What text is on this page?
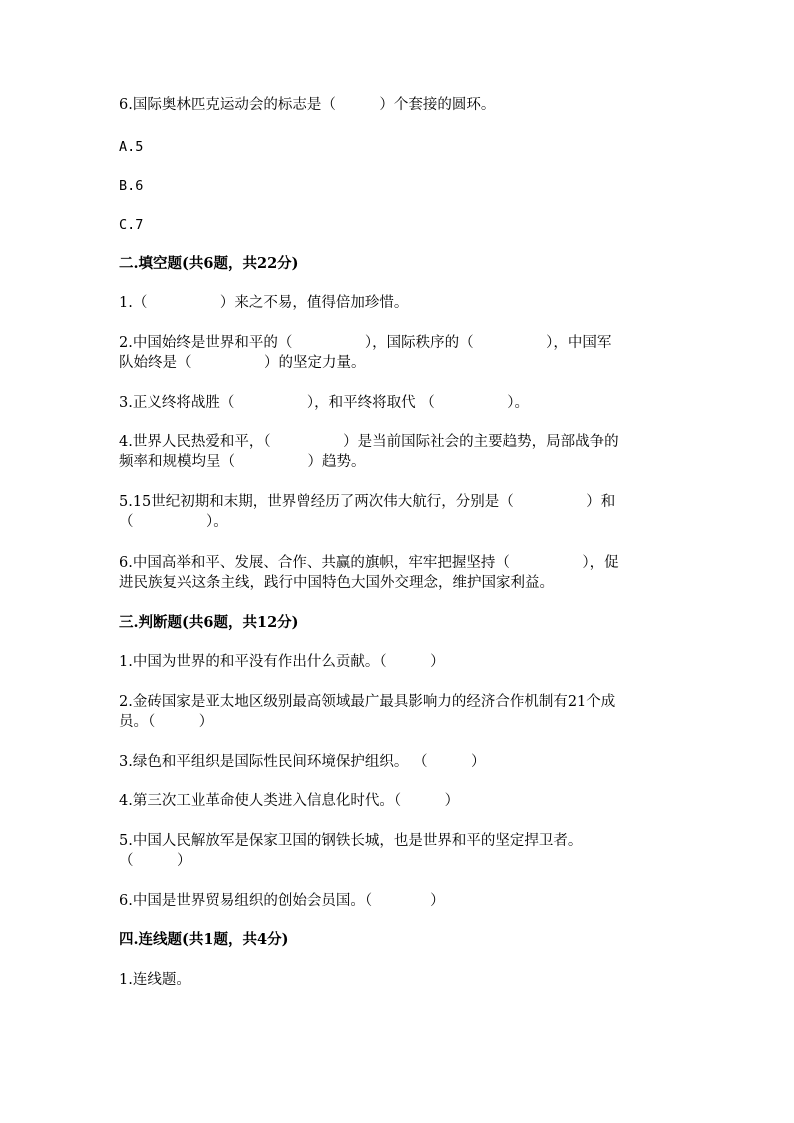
6.国际奥林匹克运动会的标志是（　　　）个套接的圆环。
A.5
B.6
C.7
二.填空题(共6题，共22分)
1.（　　　　　）来之不易，值得倍加珍惜。
2.中国始终是世界和平的（　　　　　），国际秩序的（　　　　　），中国军
队始终是（　　　　　）的坚定力量。
3.正义终将战胜（　　　　　），和平终将取代 （　　　　　）。
4.世界人民热爱和平，（　　　　　）是当前国际社会的主要趋势，局部战争的
频率和规模均呈（　　　　　）趋势。
5.15世纪初期和末期，世界曾经历了两次伟大航行，分别是（　　　　　）和
（　　　　　）。
6.中国高举和平、发展、合作、共赢的旗帜，牢牢把握坚持（　　　　　），促
进民族复兴这条主线，践行中国特色大国外交理念，维护国家利益。
三.判断题(共6题，共12分)
1.中国为世界的和平没有作出什么贡献。（　　　）
2.金砖国家是亚太地区级别最高领域最广最具影响力的经济合作机制有21个成
员。（　　　）
3.绿色和平组织是国际性民间环境保护组织。 （　　　）
4.第三次工业革命使人类进入信息化时代。（　　　）
5.中国人民解放军是保家卫国的钢铁长城，也是世界和平的坚定捍卫者。
（　　　）
6.中国是世界贸易组织的创始会员国。（　　　　）
四.连线题(共1题，共4分)
1.连线题。
